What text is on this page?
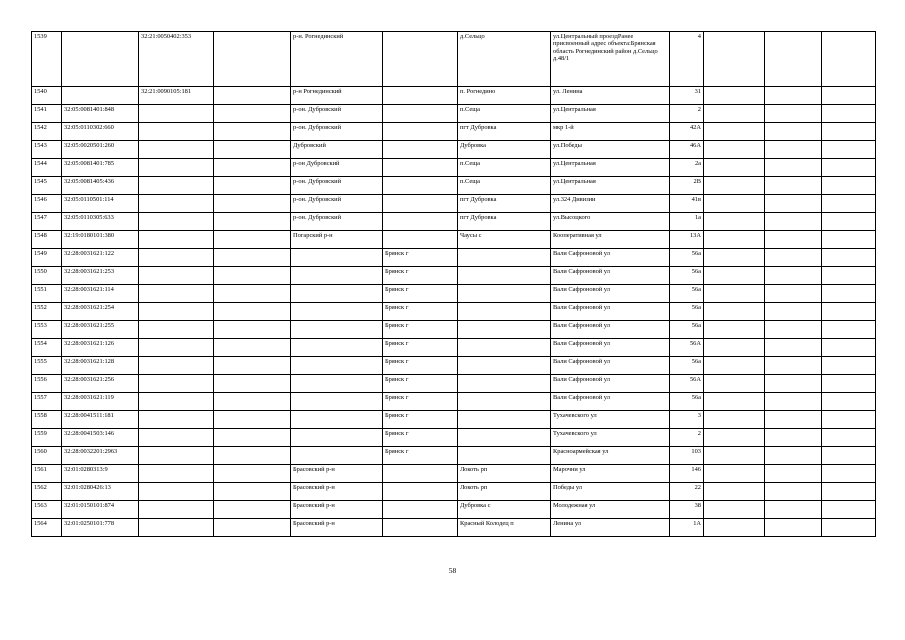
1539		32:21:0050402:353		р-н. Рогнединский		д.Сельцо	ул.Центральный проездРанее присвоенный адрес объекта:Брянская область Рогнединский район д.Сельцо д.48/1	4			
1540		32:21:0090105:181		р-н Рогнединский		п. Рогнедино	ул. Ленина	31			
1541	32:05:0081401:848			р-он. Дубровский		п.Сеща	ул.Центральная	2			
1542	32:05:0110302:660			р-он. Дубровский		пгт Дубровка	мкр 1-й	42А			
1543	32:05:0020501:260			Дубровский		Дубровка	ул.Победы	46А			
1544	32:05:0081401:785			р-он Дубровский		п.Сеща	ул.Центральная	2а			
1545	32:05:0081405:436			р-он. Дубровский		п.Сеща	ул.Центральная	2В			
1546	32:05:0110501:114			р-он. Дубровский		пгт Дубровка	ул.324 Дивизии	41в			
1547	32:05:0110305:633			р-он. Дубровский		пгт Дубровка	ул.Высоцкого	1а			
1548	32:19:0180101:380			Погарский р-н		Чаусы с	Кооперативная ул	13А			
1549	32:28:0031621:122				Брянск г		Вали Сафроновой ул	56а			
1550	32:28:0031621:253				Брянск г		Вали Сафроновой ул	56а			
1551	32:28:0031621:114				Брянск г		Вали Сафроновой ул	56а			
1552	32:28:0031621:254				Брянск г		Вали Сафроновой ул	56а			
1553	32:28:0031621:255				Брянск г		Вали Сафроновой ул	56а			
1554	32:28:0031621:126				Брянск г		Вали Сафроновой ул	56А			
1555	32:28:0031621:128				Брянск г		Вали Сафроновой ул	56а			
1556	32:28:0031621:256				Брянск г		Вали Сафроновой ул	56А			
1557	32:28:0031621:119				Брянск г		Вали Сафроновой ул	56а			
1558	32:28:0041511:181				Брянск г		Тухачевского ул	3			
1559	32:28:0041503:146				Брянск г		Тухачевского ул	2			
1560	32:28:0032201:2963				Брянск г		Красноармейская ул	103			
1561	32:01:0280313:9			Брасовский р-н		Локоть рп	Марочни ул	146			
1562	32:01:0280426:13			Брасовский р-н		Локоть рп	Победы ул	22			
1563	32:01:0150101:874			Брасовский р-н		Дубровка с	Молодежная ул	38			
1564	32:01:0250101:778			Брасовский р-н		Красный Колодец п	Ленина ул	1А			
58
